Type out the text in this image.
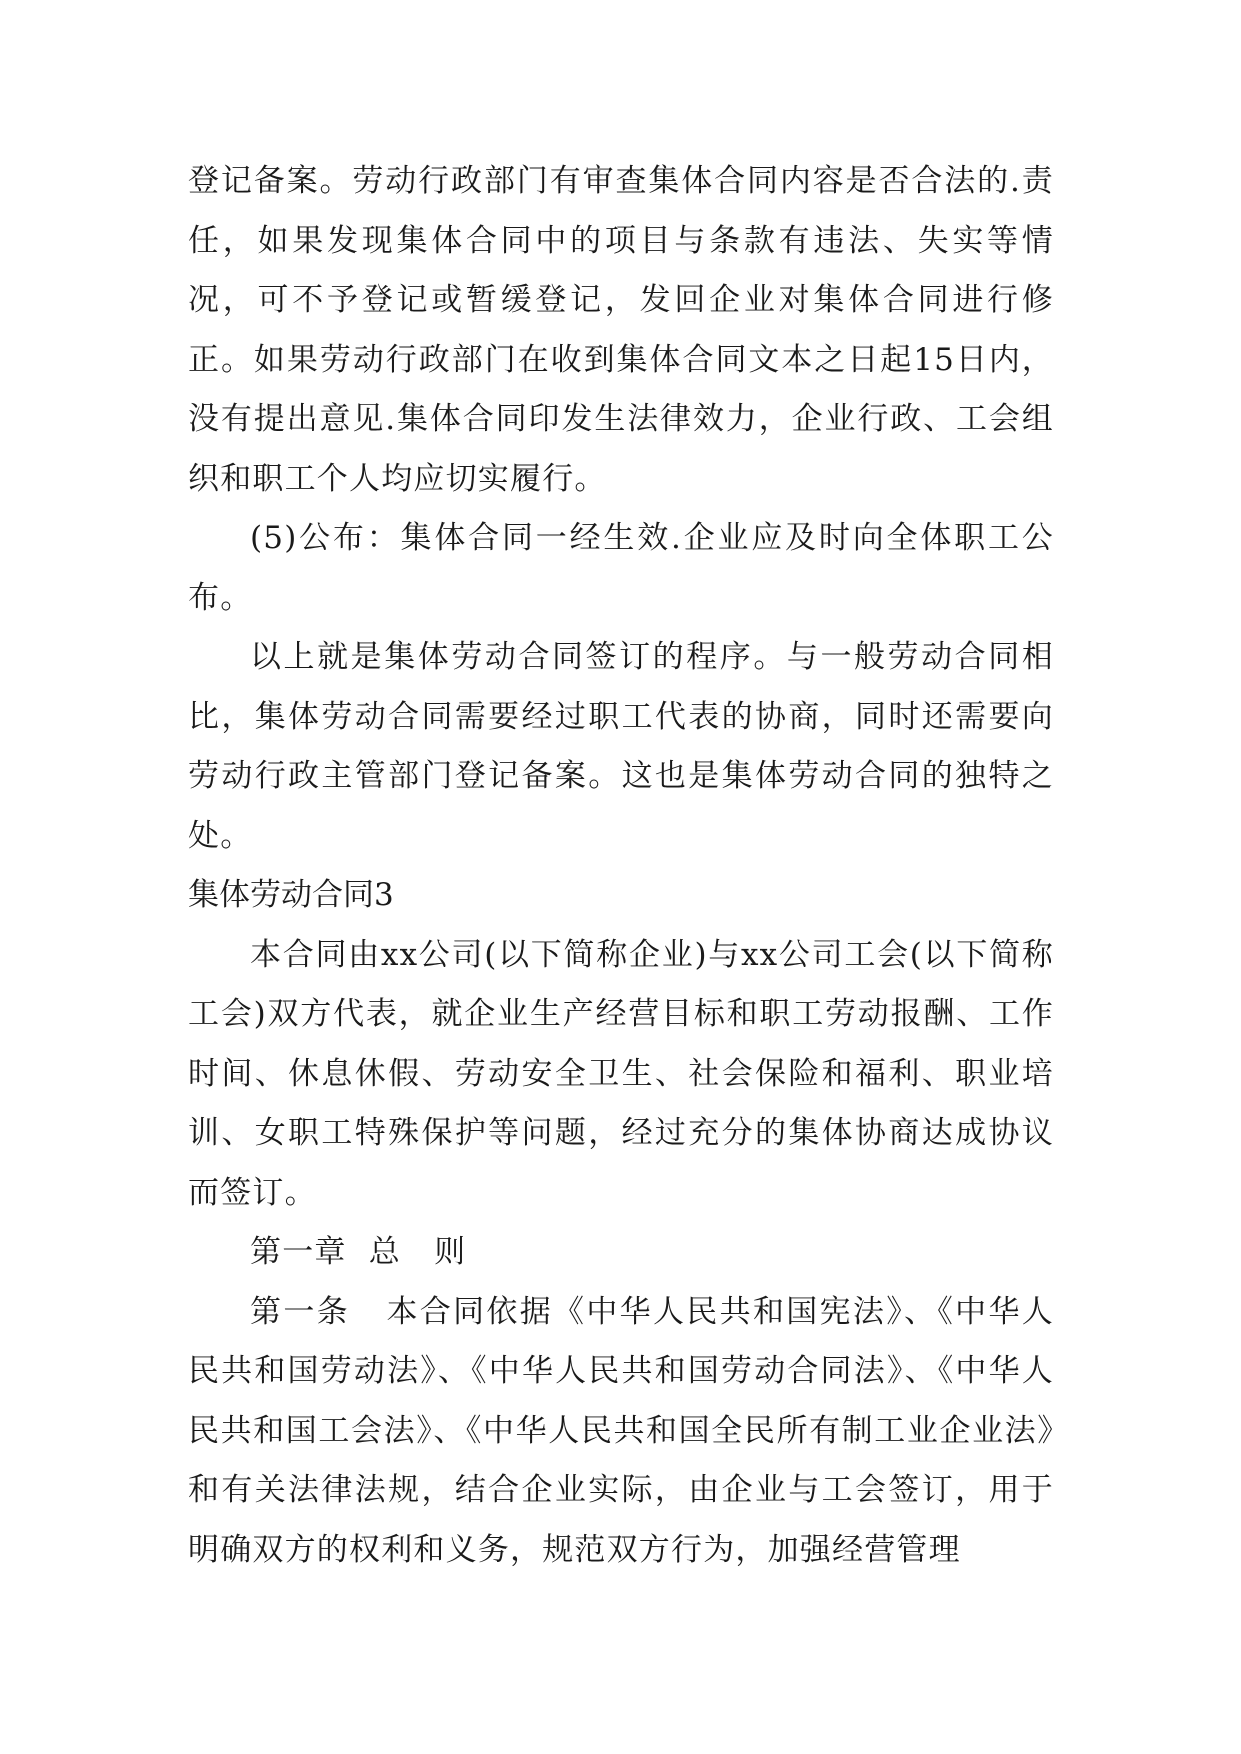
登记备案。劳动行政部门有审查集体合同内容是否合法的.责任，如果发现集体合同中的项目与条款有违法、失实等情况，可不予登记或暂缓登记，发回企业对集体合同进行修正。如果劳动行政部门在收到集体合同文本之日起15日内，没有提出意见.集体合同印发生法律效力，企业行政、工会组织和职工个人均应切实履行。

(5)公布：集体合同一经生效.企业应及时向全体职工公布。

以上就是集体劳动合同签订的程序。与一般劳动合同相比，集体劳动合同需要经过职工代表的协商，同时还需要向劳动行政主管部门登记备案。这也是集体劳动合同的独特之处。

集体劳动合同3

本合同由xx公司(以下简称企业)与xx公司工会(以下简称工会)双方代表，就企业生产经营目标和职工劳动报酬、工作时间、休息休假、劳动安全卫生、社会保险和福利、职业培训、女职工特殊保护等问题，经过充分的集体协商达成协议而签订。

第一章  总   则

第一条   本合同依据《中华人民共和国宪法》、《中华人民共和国劳动法》、《中华人民共和国劳动合同法》、《中华人民共和国工会法》、《中华人民共和国全民所有制工业企业法》和有关法律法规，结合企业实际，由企业与工会签订，用于明确双方的权利和义务，规范双方行为，加强经营管理
